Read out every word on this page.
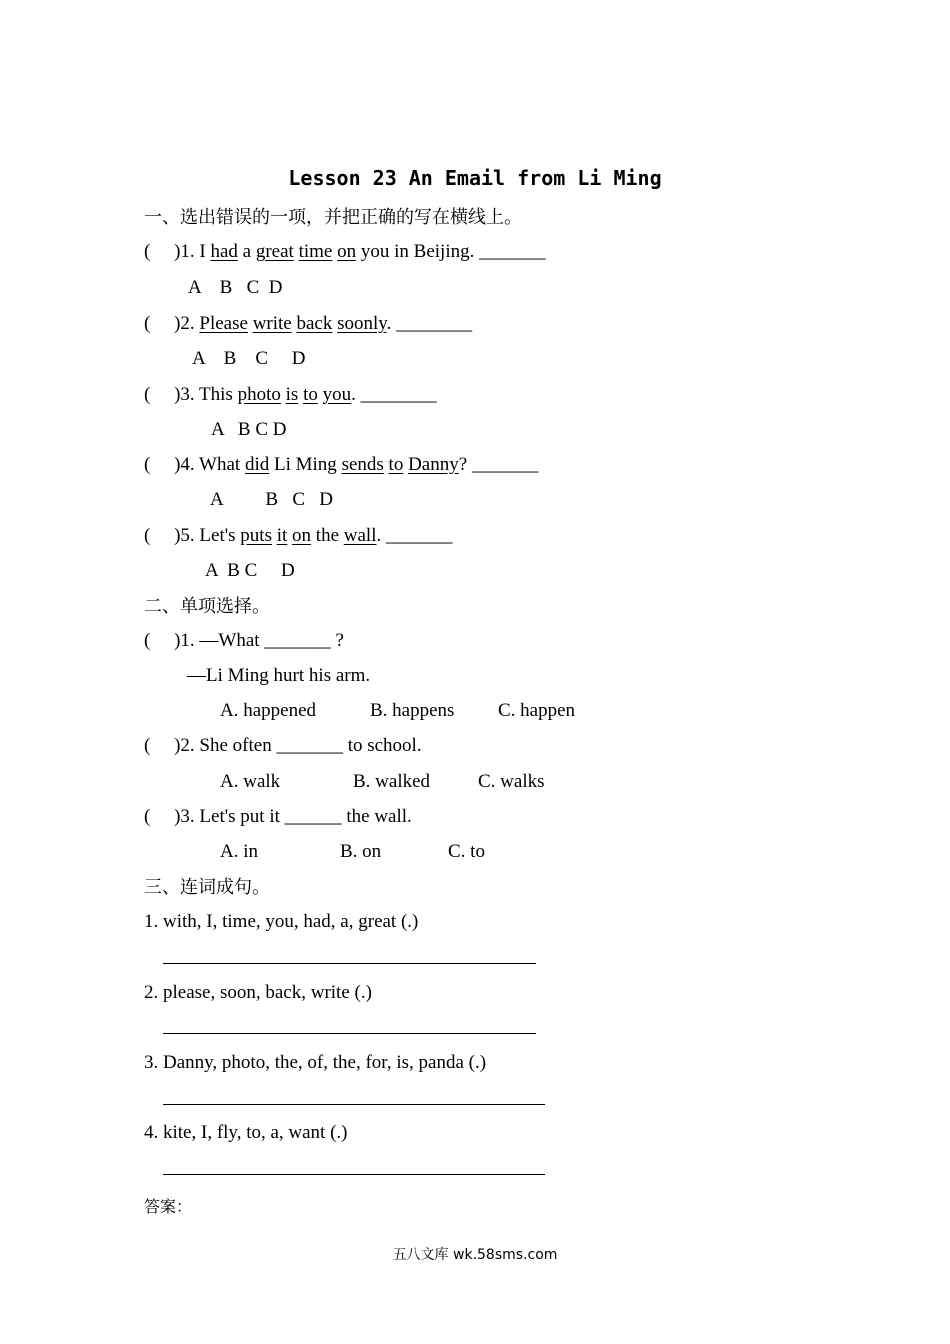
Lesson 23 An Email from Li Ming
一、选出错误的一项，并把正确的写在横线上。
(     )1. I had a great time on you in Beijing. _______
A    B   C  D
(     )2. Please write back soonly. ________
A    B    C     D
(     )3. This photo is to you. ________
A   B C D
(     )4. What did Li Ming sends to Danny? _______
A         B   C   D
(     )5. Let's puts it on the wall. _______
A  B C     D
二、单项选择。
(     )1. —What _______ ?
—Li Ming hurt his arm.
A. happened	B. happens C. happen
(     )2. She often _______ to school.
A. walk	B. walked	C. walks
(     )3. Let's put it ______ the wall.
A. in	B. on	C. to
三、连词成句。
1. with, I, time, you, had, a, great (.)
2. please, soon, back, write (.)
3. Danny, photo, the, of, the, for, is, panda (.)
4. kite, I, fly, to, a, want (.)
答案：
五八文库 wk.58sms.com
